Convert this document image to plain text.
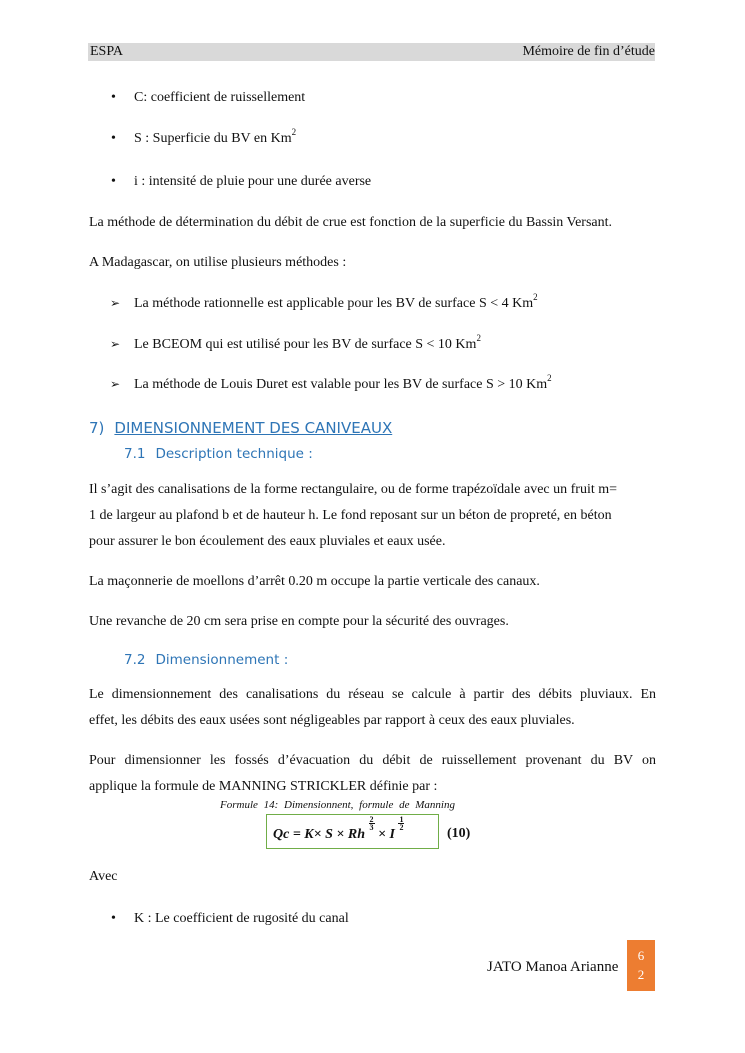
ESPA	Mémoire de fin d’étude
• C: coefficient de ruissellement
• S : Superficie du BV en Km$^2$
• i : intensité de pluie pour une durée averse
La méthode de détermination du débit de crue est fonction de la superficie du Bassin Versant.
A Madagascar, on utilise plusieurs méthodes :
➢ La méthode rationnelle est applicable pour les BV de surface S < 4 Km$^2$
➢ Le BCEOM qui est utilisé pour les BV de surface S < 10 Km$^2$
➢ La méthode de Louis Duret est valable pour les BV de surface S > 10 Km$^2$
7) DIMENSIONNEMENT DES CANIVEAUX
7.1 Description technique :
Il s’agit des canalisations de la forme rectangulaire, ou de forme trapézoïdale avec un fruit m=
1 de largeur au plafond b et de hauteur h. Le fond reposant sur un béton de propreté, en béton
pour assurer le bon écoulement des eaux pluviales et eaux usée.
La maçonnerie de moellons d’arrêt 0.20 m occupe la partie verticale des canaux.
Une revanche de 20 cm sera prise en compte pour la sécurité des ouvrages.
7.2 Dimensionnement :
Le dimensionnement des canalisations du réseau se calcule à partir des débits pluviaux. En
effet, les débits des eaux usées sont négligeables par rapport à ceux des eaux pluviales.
Pour dimensionner les fossés d’évacuation du débit de ruissellement provenant du BV on
applique la formule de MANNING STRICKLER définie par :
Formule 14: Dimensionnent, formule de Manning
Qc = K× S × Rh
$\frac{2}{3} \times I$
$\frac{1}{2}$
(10)
Avec
• K : Le coefficient de rugosité du canal
JATO Manoa Arianne
6
2
